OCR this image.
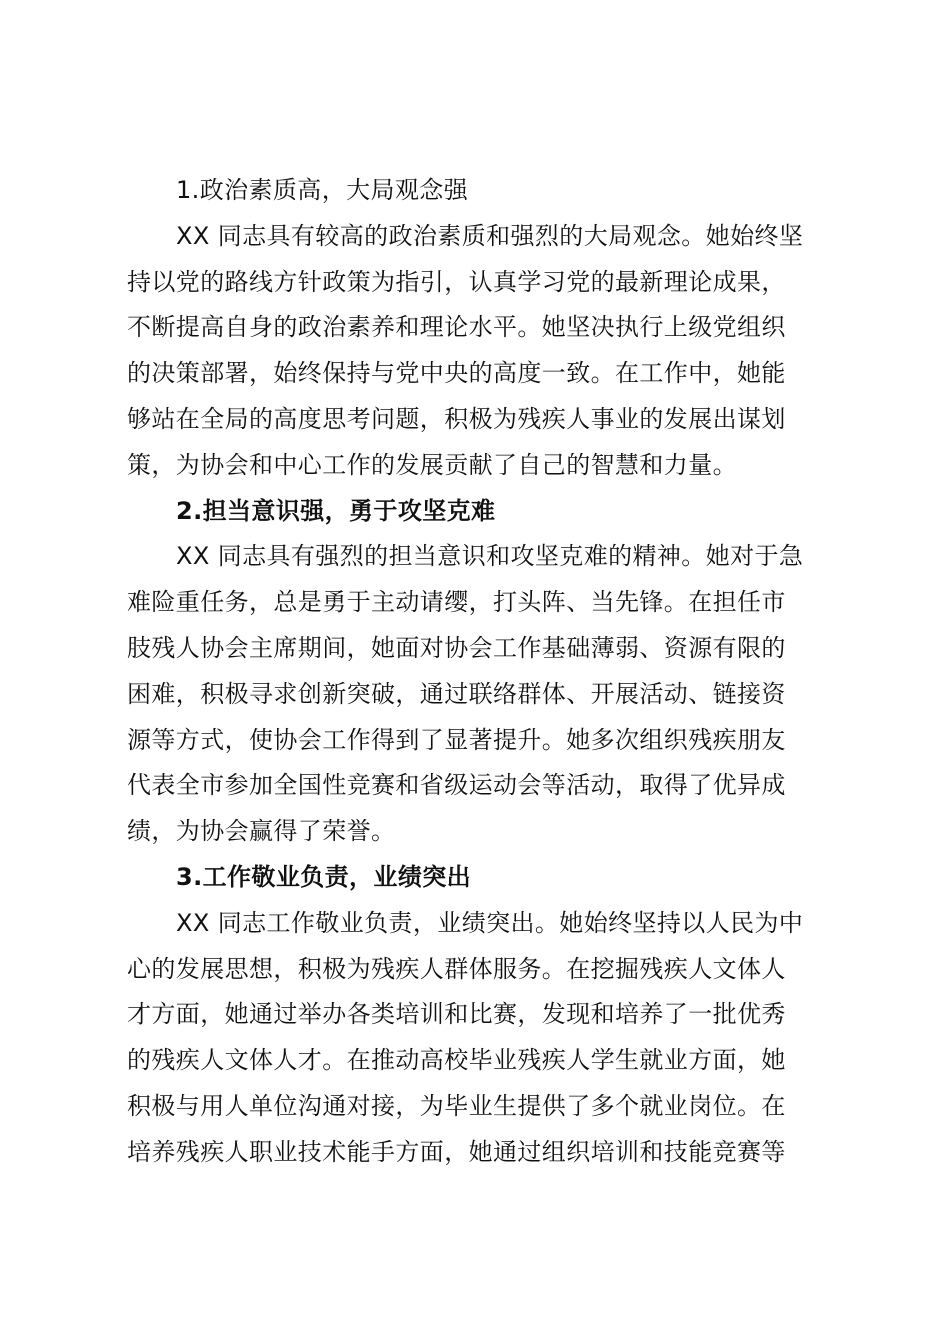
1.政治素质高，大局观念强
XX 同志具有较高的政治素质和强烈的大局观念。她始终坚
持以党的路线方针政策为指引，认真学习党的最新理论成果，
不断提高自身的政治素养和理论水平。她坚决执行上级党组织
的决策部署，始终保持与党中央的高度一致。在工作中，她能
够站在全局的高度思考问题，积极为残疾人事业的发展出谋划
策，为协会和中心工作的发展贡献了自己的智慧和力量。
2.担当意识强，勇于攻坚克难
XX 同志具有强烈的担当意识和攻坚克难的精神。她对于急
难险重任务，总是勇于主动请缨，打头阵、当先锋。在担任市
肢残人协会主席期间，她面对协会工作基础薄弱、资源有限的
困难，积极寻求创新突破，通过联络群体、开展活动、链接资
源等方式，使协会工作得到了显著提升。她多次组织残疾朋友
代表全市参加全国性竞赛和省级运动会等活动，取得了优异成
绩，为协会赢得了荣誉。
3.工作敬业负责，业绩突出
XX 同志工作敬业负责，业绩突出。她始终坚持以人民为中
心的发展思想，积极为残疾人群体服务。在挖掘残疾人文体人
才方面，她通过举办各类培训和比赛，发现和培养了一批优秀
的残疾人文体人才。在推动高校毕业残疾人学生就业方面，她
积极与用人单位沟通对接，为毕业生提供了多个就业岗位。在
培养残疾人职业技术能手方面，她通过组织培训和技能竞赛等
